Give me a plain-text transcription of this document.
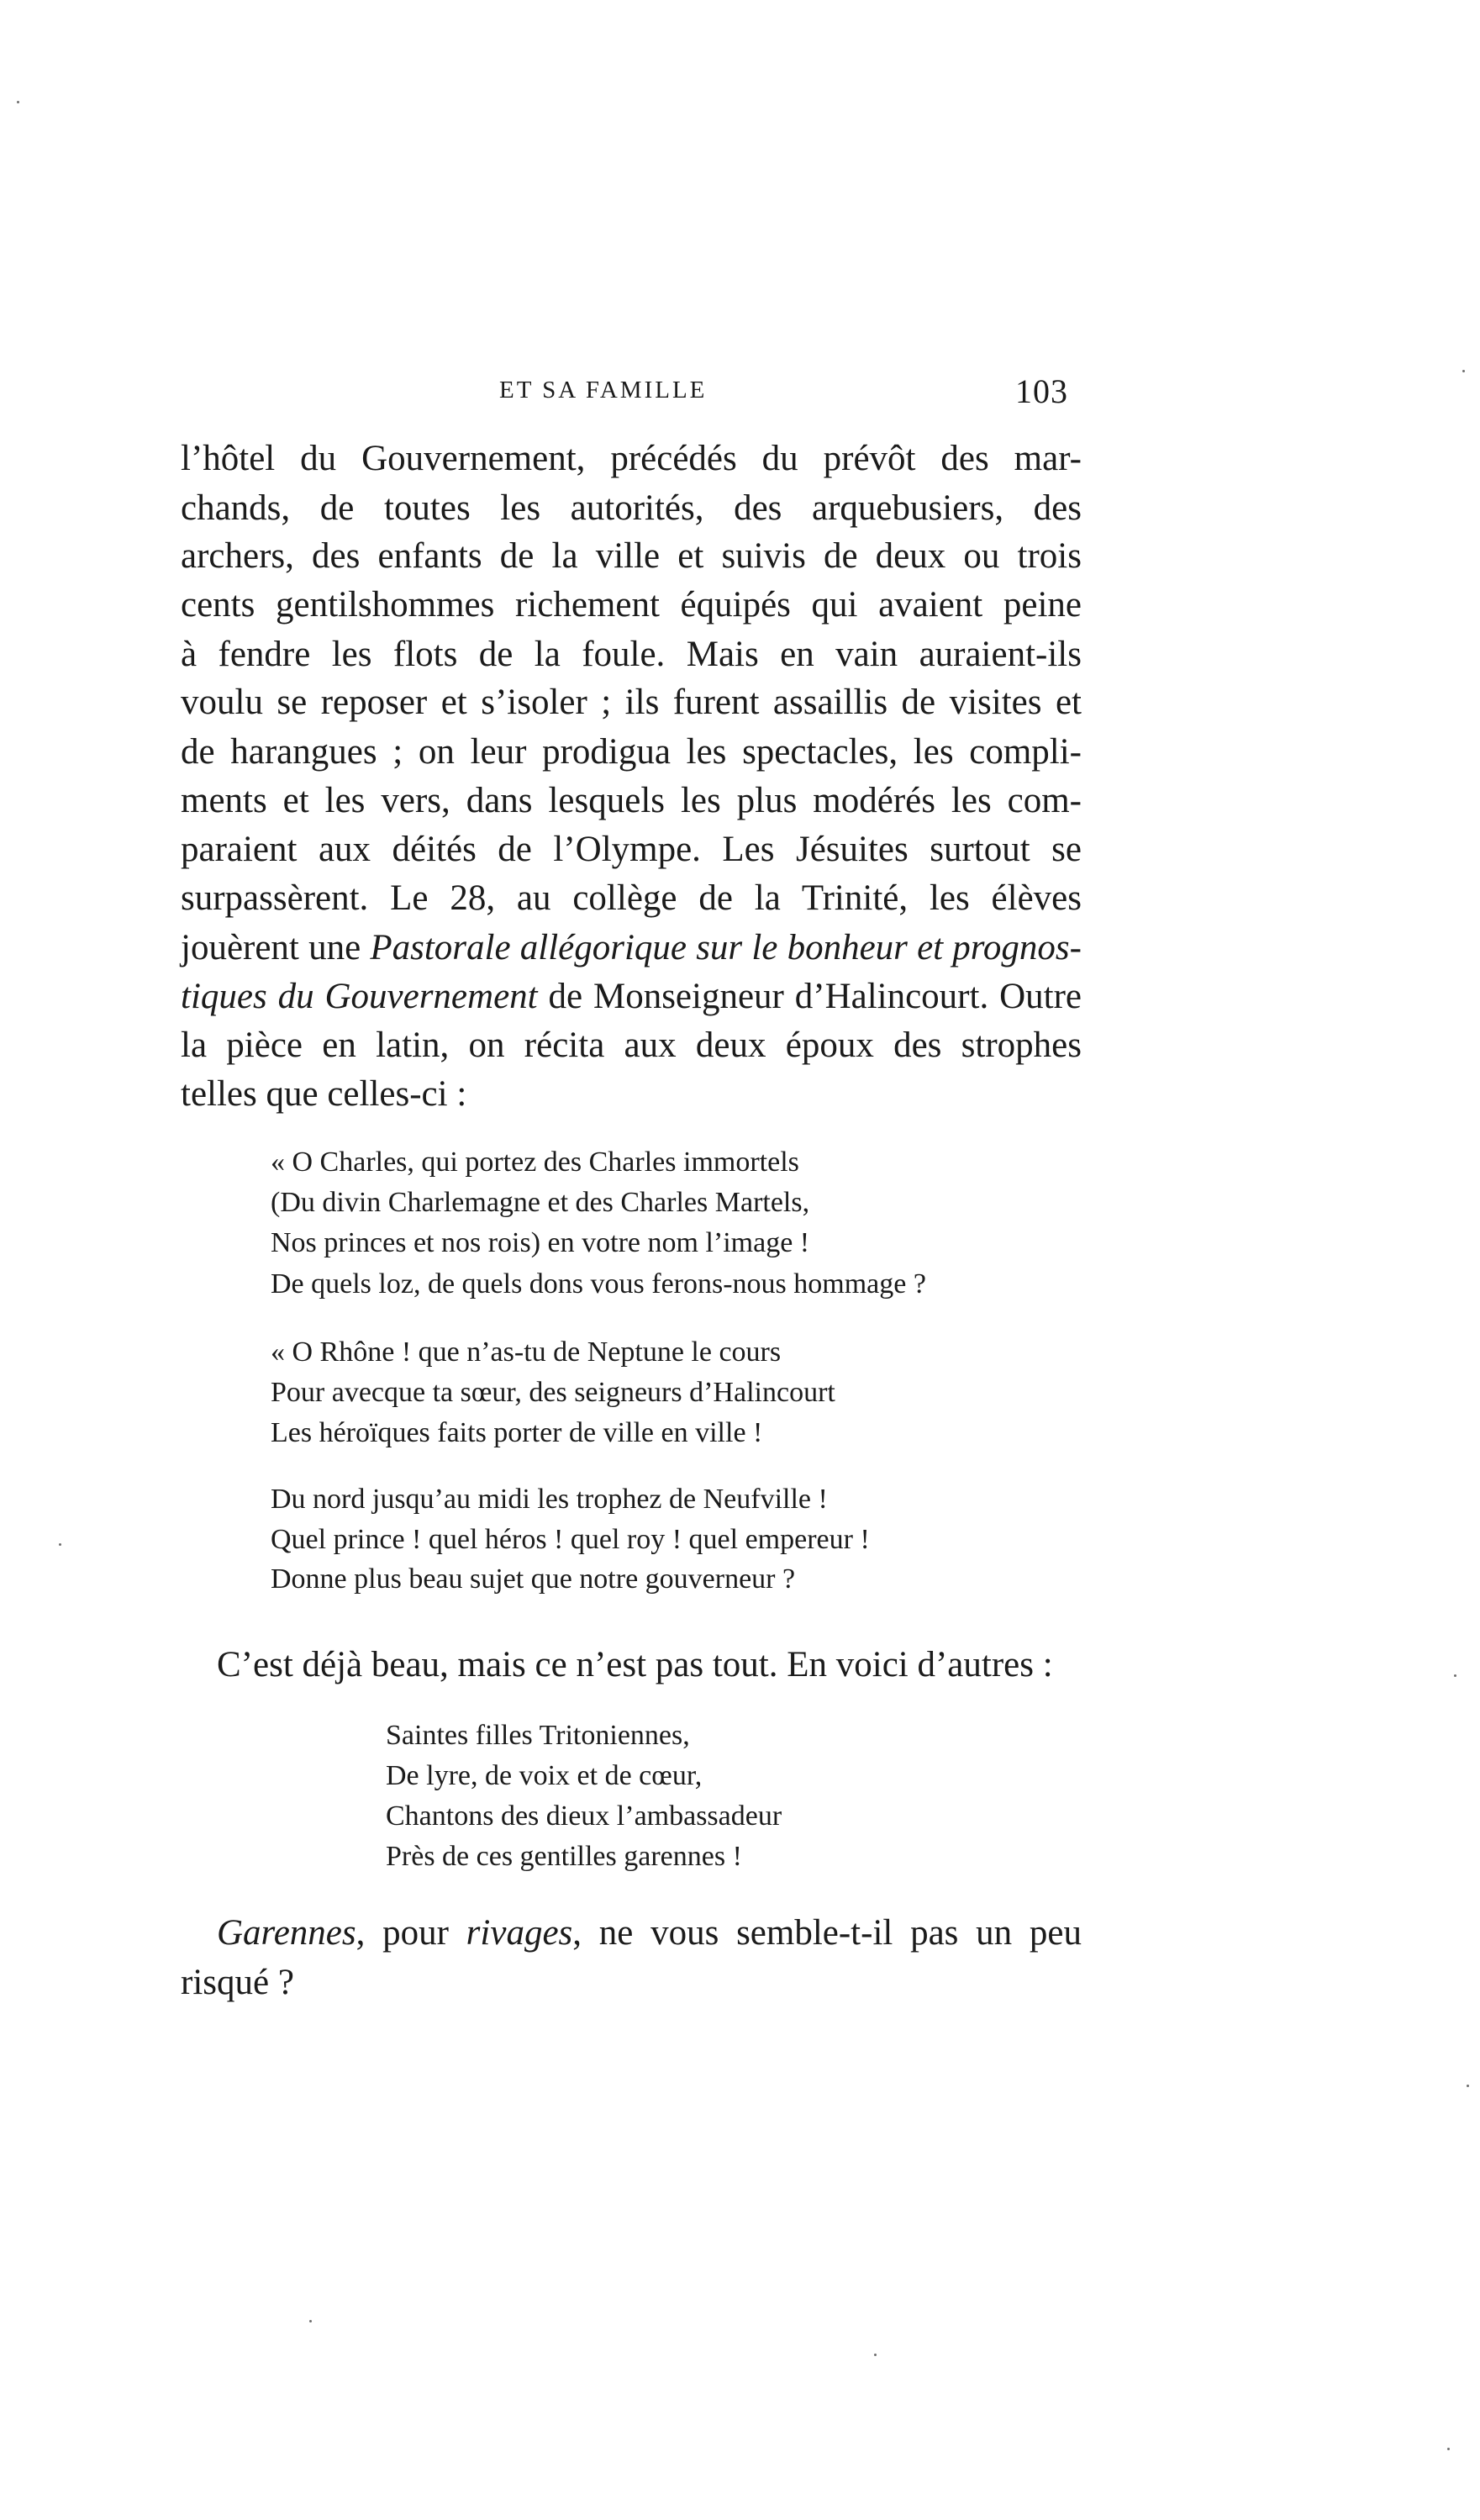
ET SA FAMILLE	103
l’hôtel du Gouvernement, précédés du prévôt des mar-
chands, de toutes les autorités, des arquebusiers, des
archers, des enfants de la ville et suivis de deux ou trois
cents gentilshommes richement équipés qui avaient peine
à fendre les flots de la foule. Mais en vain auraient-ils
voulu se reposer et s’isoler ; ils furent assaillis de visites et
de harangues ; on leur prodigua les spectacles, les compli-
ments et les vers, dans lesquels les plus modérés les com-
paraient aux déités de l’Olympe. Les Jésuites surtout se
surpassèrent. Le 28, au collège de la Trinité, les élèves
jouèrent une Pastorale allégorique sur le bonheur et prognos-
tiques du Gouvernement de Monseigneur d’Halincourt. Outre
la pièce en latin, on récita aux deux époux des strophes
telles que celles-ci :
« O Charles, qui portez des Charles immortels
(Du divin Charlemagne et des Charles Martels,
Nos princes et nos rois) en votre nom l’image !
De quels loz, de quels dons vous ferons-nous hommage ?
« O Rhône ! que n’as-tu de Neptune le cours
Pour avecque ta sœur, des seigneurs d’Halincourt
Les héroïques faits porter de ville en ville !
Du nord jusqu’au midi les trophez de Neufville !
Quel prince ! quel héros ! quel roy ! quel empereur !
Donne plus beau sujet que notre gouverneur ?
C’est déjà beau, mais ce n’est pas tout. En voici d’autres :
Saintes filles Tritoniennes,
De lyre, de voix et de cœur,
Chantons des dieux l’ambassadeur
Près de ces gentilles garennes !
Garennes, pour rivages, ne vous semble-t-il pas un peu
risqué ?
